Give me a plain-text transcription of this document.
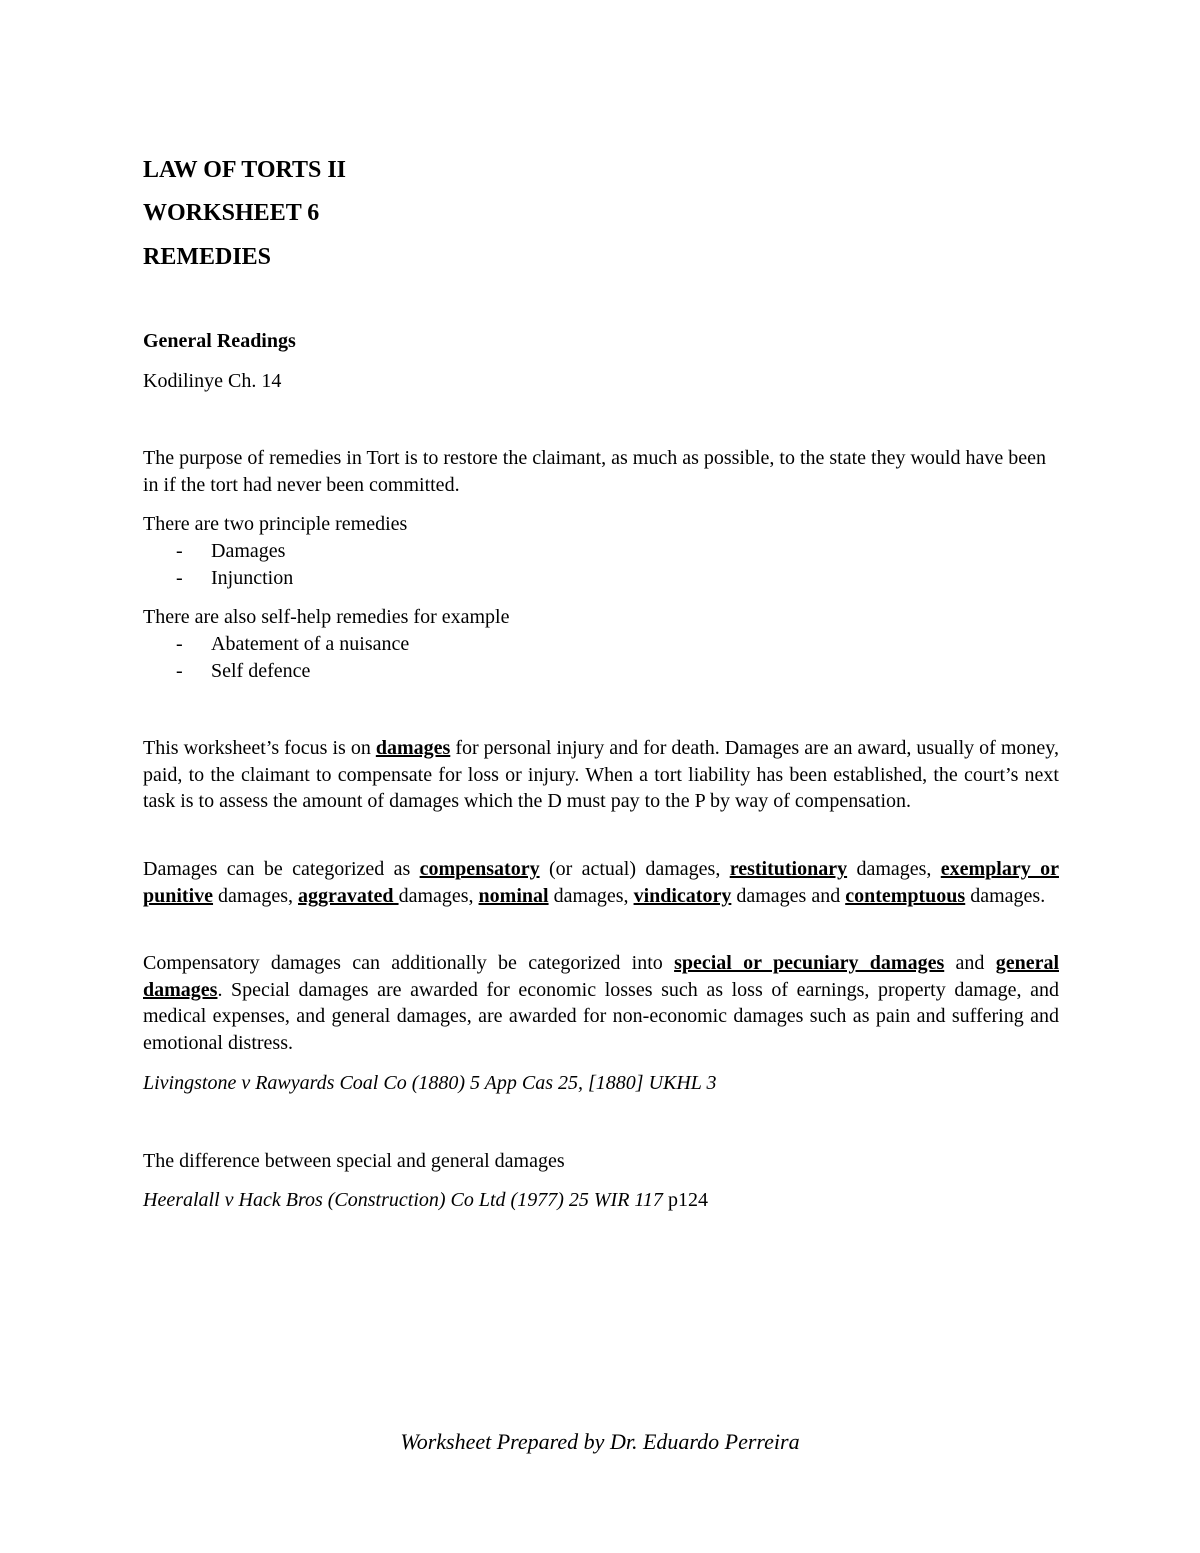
LAW OF TORTS II
WORKSHEET 6
REMEDIES
General Readings
Kodilinye Ch. 14

The purpose of remedies in Tort is to restore the claimant, as much as possible, to the state they would have been in if the tort had never been committed.

There are two principle remedies
- Damages
- Injunction
There are also self-help remedies for example
- Abatement of a nuisance
- Self defence

This worksheet’s focus is on damages for personal injury and for death. Damages are an award, usually of money, paid, to the claimant to compensate for loss or injury. When a tort liability has been established, the court’s next task is to assess the amount of damages which the D must pay to the P by way of compensation.

Damages can be categorized as compensatory (or actual) damages, restitutionary damages, exemplary or punitive damages, aggravated damages, nominal damages, vindicatory damages and contemptuous damages.

Compensatory damages can additionally be categorized into special or pecuniary damages and general damages. Special damages are awarded for economic losses such as loss of earnings, property damage, and medical expenses, and general damages, are awarded for non-economic damages such as pain and suffering and emotional distress.

Livingstone v Rawyards Coal Co (1880) 5 App Cas 25, [1880] UKHL 3
The difference between special and general damages
Heeralall v Hack Bros (Construction) Co Ltd (1977) 25 WIR 117 p124
Worksheet Prepared by Dr. Eduardo Perreira
